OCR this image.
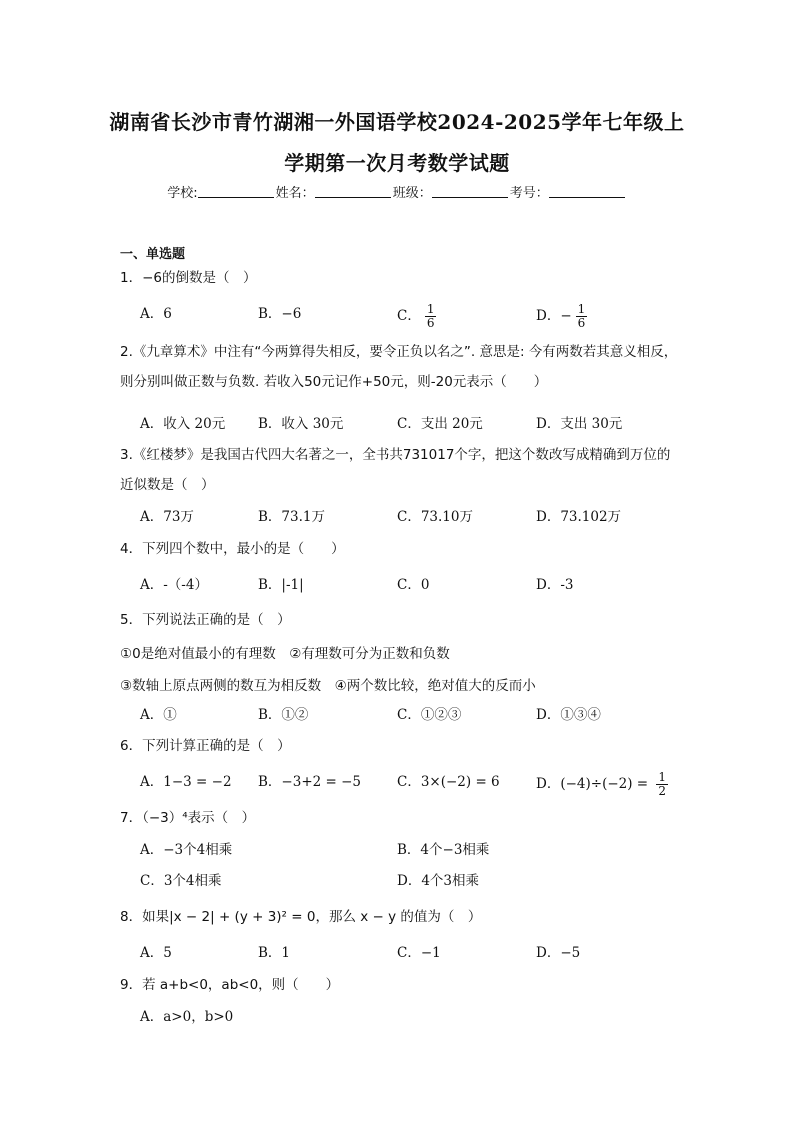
湖南省长沙市青竹湖湘一外国语学校2024-2025学年七年级上
学期第一次月考数学试题
学校:	姓名：	班级：	考号：
一、单选题
1．−6的倒数是（　）
A．6	B．−6	C． $\frac{1}{6}$	D．− $\frac{1}{6}$
2.《九章算术》中注有“今两算得失相反，要令正负以名之”. 意思是: 今有两数若其意义相反，则分别叫做正数与负数. 若收入50元记作+50元，则-20元表示（　　）
A．收入 20元 B．收入 30元	C．支出 20元	D．支出 30元
3.《红楼梦》是我国古代四大名著之一，全书共731017个字，把这个数改写成精确到万位的近似数是（　）
A．73万	B．73.1万	C．73.10万	D．73.102万
4．下列四个数中，最小的是（　　）
A．-（-4）	B．|-1|	C．0	D．-3
5．下列说法正确的是（　）
①0是绝对值最小的有理数　②有理数可分为正数和负数
③数轴上原点两侧的数互为相反数　④两个数比较，绝对值大的反而小
A．①	B．①②	C．①②③	D．①③④
6．下列计算正确的是（　）
A．1−3 = −2 B．−3+2 = −5	C．3×(−2) = 6	D．$(-4)\div(-2) = \frac{1}{2}$
7．（−3）⁴表示（　）
A．−3个4相乘	B．4个−3相乘
C．3个4相乘	D．4个3相乘
8．如果|x − 2| + (y + 3)² = 0，那么 x − y 的值为（　）
A．5	B．1	C．−1	D．−5
9．若 a+b<0，ab<0，则（　　）
A．a>0，b>0
